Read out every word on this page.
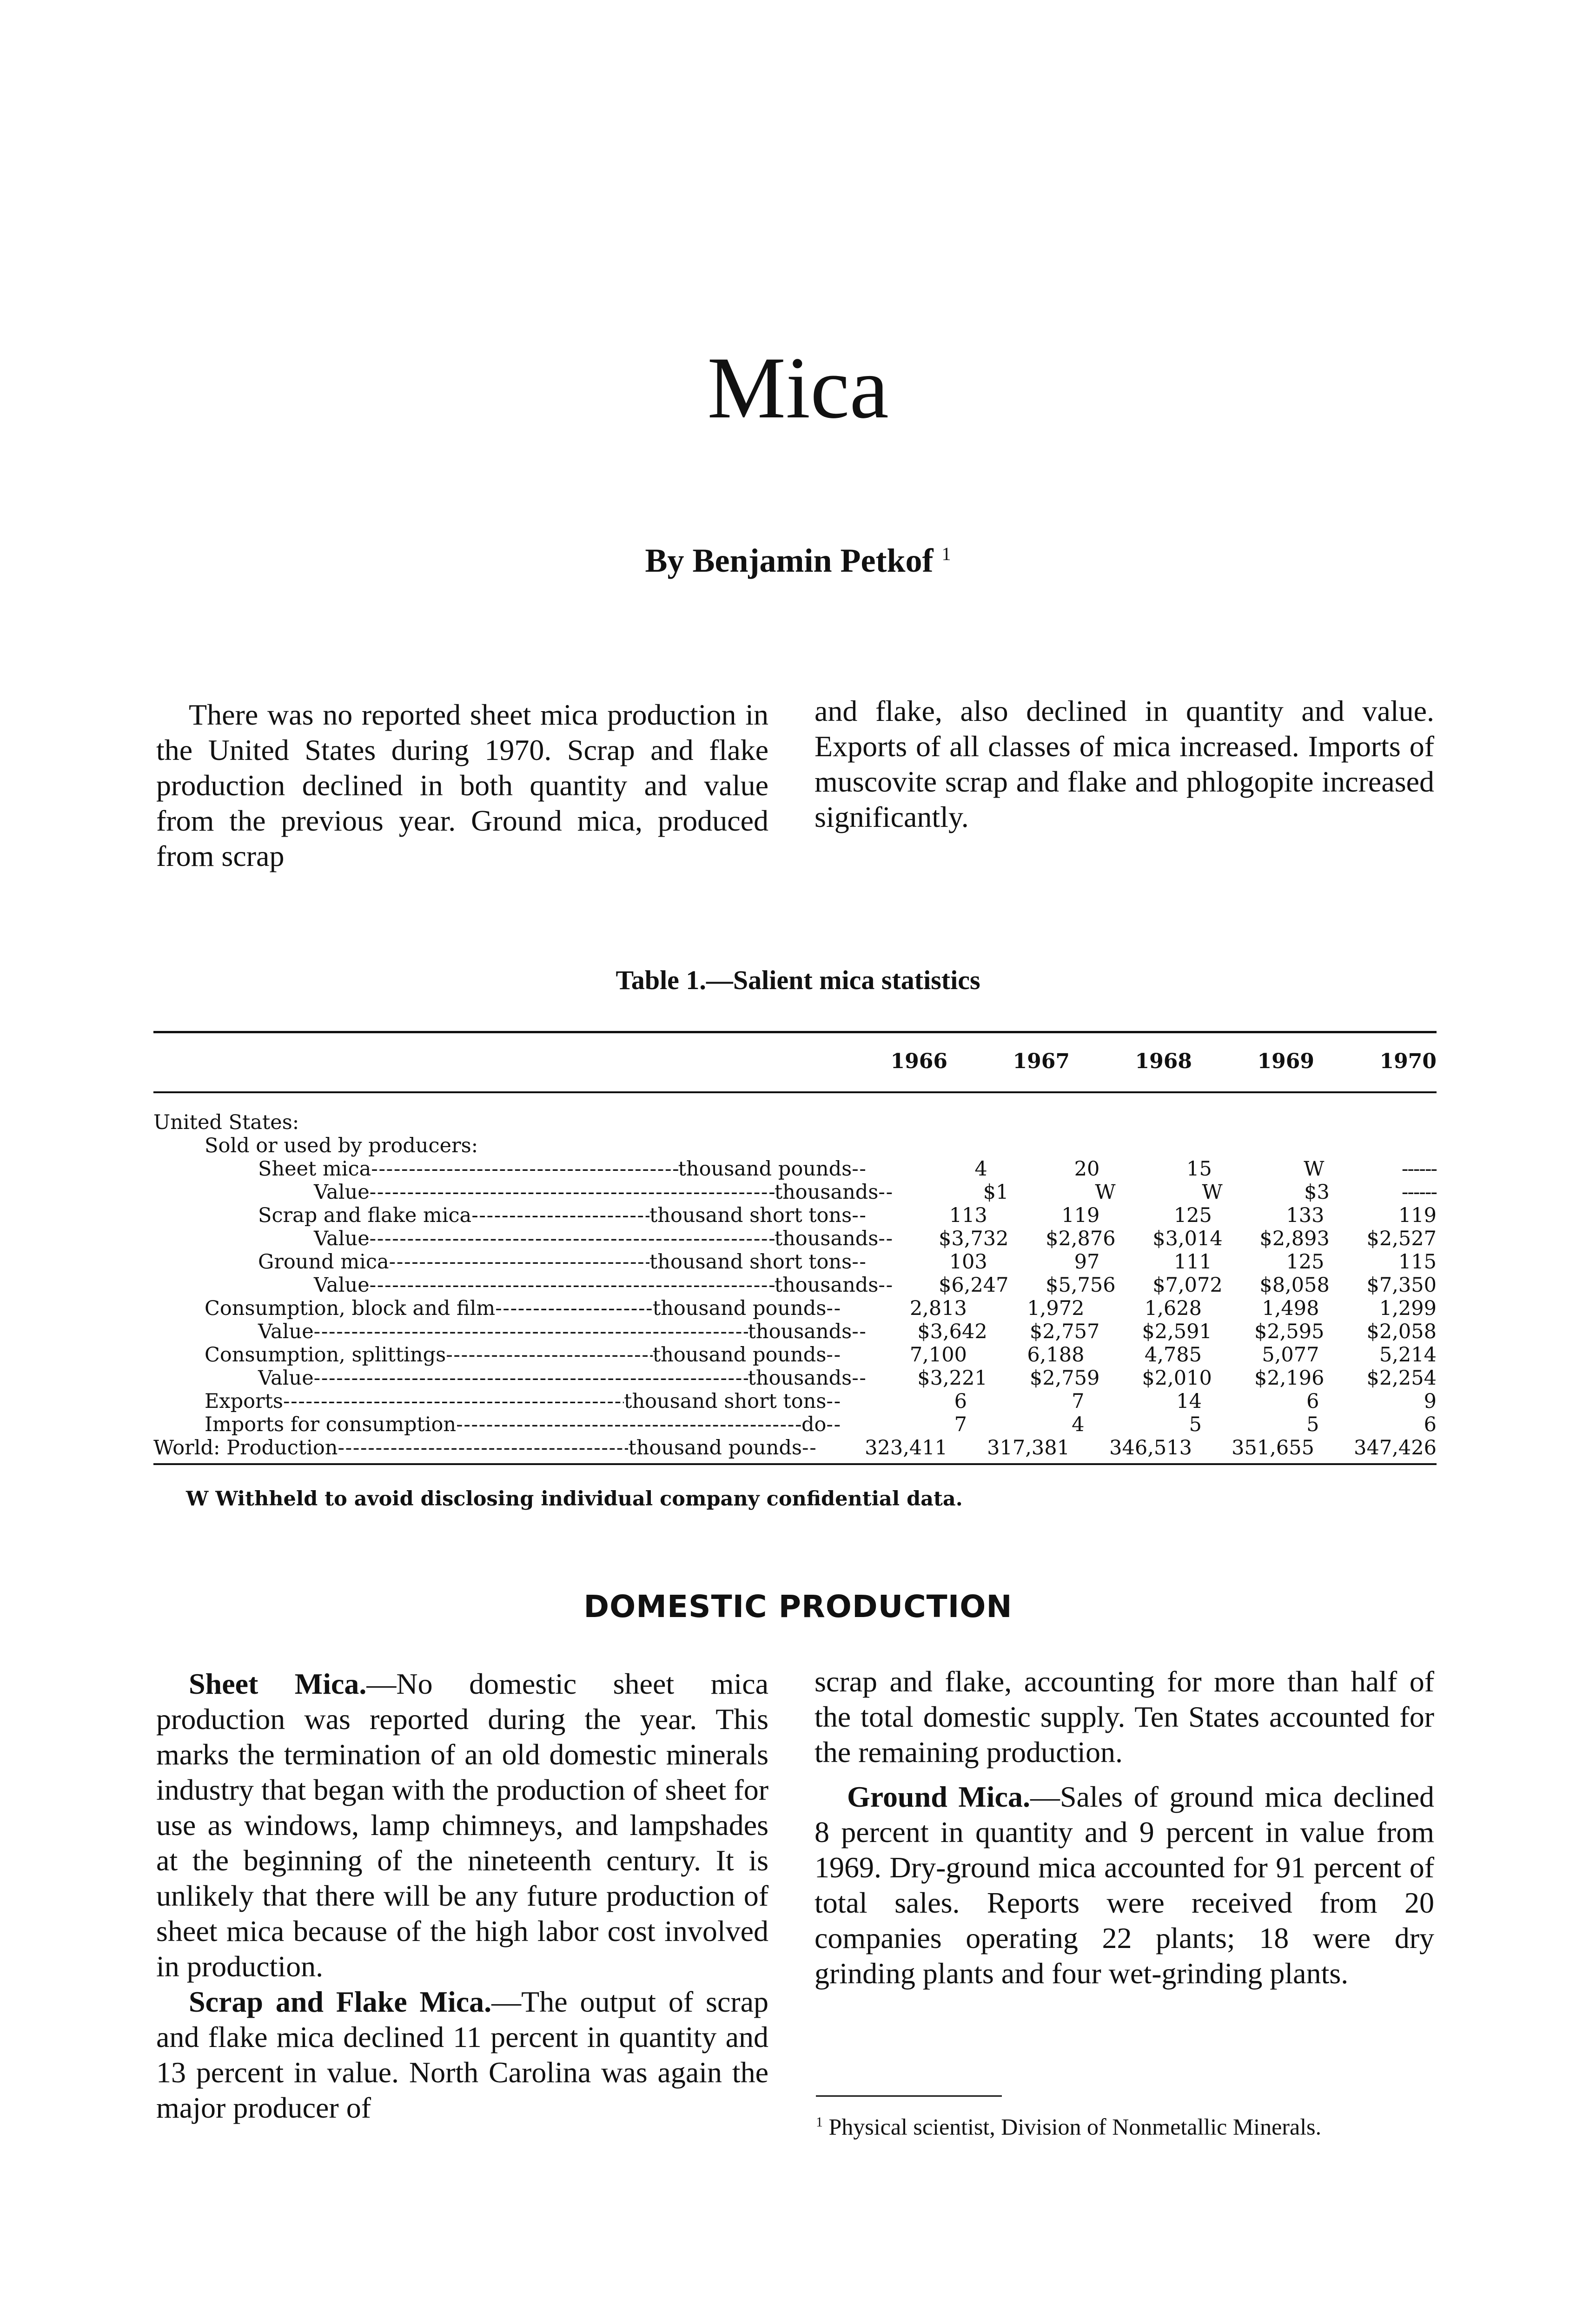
Mica
By Benjamin Petkof $^1$

There was no reported sheet mica production in the United States during 1970. Scrap and flake production declined in both quantity and value from the previous year. Ground mica, produced from scrap

and flake, also declined in quantity and value. Exports of all classes of mica increased. Imports of muscovite scrap and flake and phlogopite increased significantly.

Table 1.—Salient mica statistics
1966	1967	1968	1969	1970
United States:
Sold or used by producers:
Sheet mica - - -	thousand pounds - -	4	20	15	W	------
Value - - -	thousands - -	$1	W	W	$3	------
Scrap and flake mica - - -	thousand short tons - -	113	119	125	133	119
Value - - -	thousands - -	$3,732	$2,876	$3,014	$2,893	$2,527
Ground mica - - -	thousand short tons - -	103	97	111	125	115
Value - - -	thousands - -	$6,247	$5,756	$7,072	$8,058	$7,350
Consumption, block and film - - -	thousand pounds - -	2,813	1,972	1,628	1,498	1,299
Value - - -	thousands - -	$3,642	$2,757	$2,591	$2,595	$2,058
Consumption, splittings - - -	thousand pounds - -	7,100	6,188	4,785	5,077	5,214
Value - - -	thousands - -	$3,221	$2,759	$2,010	$2,196	$2,254
Exports - - -	thousand short tons - -	6	7	14	6	9
Imports for consumption - - -	do - -	7	4	5	5	6
World: Production - - -	thousand pounds - -	323,411	317,381	346,513	351,655	347,426
W Withheld to avoid disclosing individual company confidential data.
DOMESTIC PRODUCTION

Sheet Mica.—No domestic sheet mica production was reported during the year. This marks the termination of an old domestic minerals industry that began with the production of sheet for use as windows, lamp chimneys, and lampshades at the beginning of the nineteenth century. It is unlikely that there will be any future production of sheet mica because of the high labor cost involved in production.

Scrap and Flake Mica.—The output of scrap and flake mica declined 11 percent in quantity and 13 percent in value. North Carolina was again the major producer of

scrap and flake, accounting for more than half of the total domestic supply. Ten States accounted for the remaining production.

Ground Mica.—Sales of ground mica declined 8 percent in quantity and 9 percent in value from 1969. Dry-ground mica accounted for 91 percent of total sales. Reports were received from 20 companies operating 22 plants; 18 were dry grinding plants and four wet-grinding plants.

$^1$ Physical scientist, Division of Nonmetallic Minerals.
